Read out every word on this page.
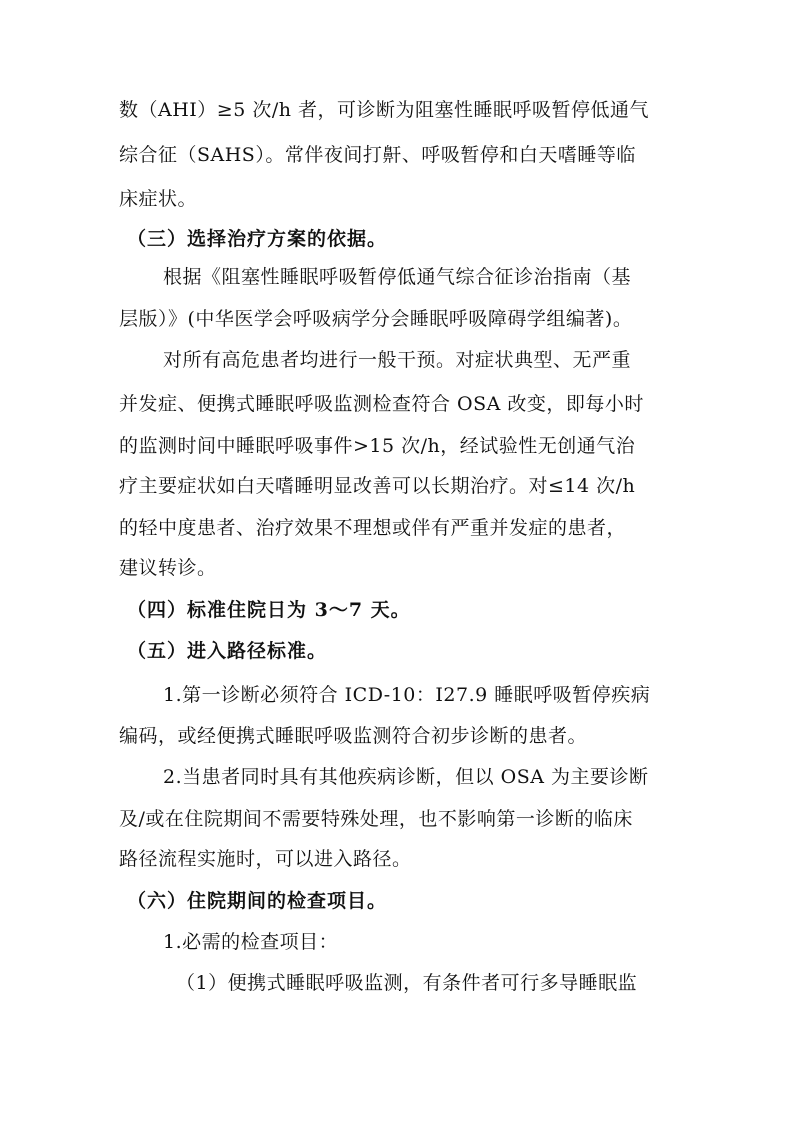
数（AHI）≥5 次/h 者，可诊断为阻塞性睡眠呼吸暂停低通气
综合征（SAHS）。常伴夜间打鼾、呼吸暂停和白天嗜睡等临
床症状。
（三）选择治疗方案的依据。
根据《阻塞性睡眠呼吸暂停低通气综合征诊治指南（基
层版）》(中华医学会呼吸病学分会睡眠呼吸障碍学组编著)。
对所有高危患者均进行一般干预。对症状典型、无严重
并发症、便携式睡眠呼吸监测检查符合 OSA 改变，即每小时
的监测时间中睡眠呼吸事件>15 次/h，经试验性无创通气治
疗主要症状如白天嗜睡明显改善可以长期治疗。对≤14 次/h
的轻中度患者、治疗效果不理想或伴有严重并发症的患者，
建议转诊。
（四）标准住院日为 3～7 天。
（五）进入路径标准。
1.第一诊断必须符合 ICD-10：I27.9 睡眠呼吸暂停疾病
编码，或经便携式睡眠呼吸监测符合初步诊断的患者。
2.当患者同时具有其他疾病诊断，但以 OSA 为主要诊断
及/或在住院期间不需要特殊处理，也不影响第一诊断的临床
路径流程实施时，可以进入路径。
（六）住院期间的检查项目。
1.必需的检查项目：
（1）便携式睡眠呼吸监测，有条件者可行多导睡眠监
